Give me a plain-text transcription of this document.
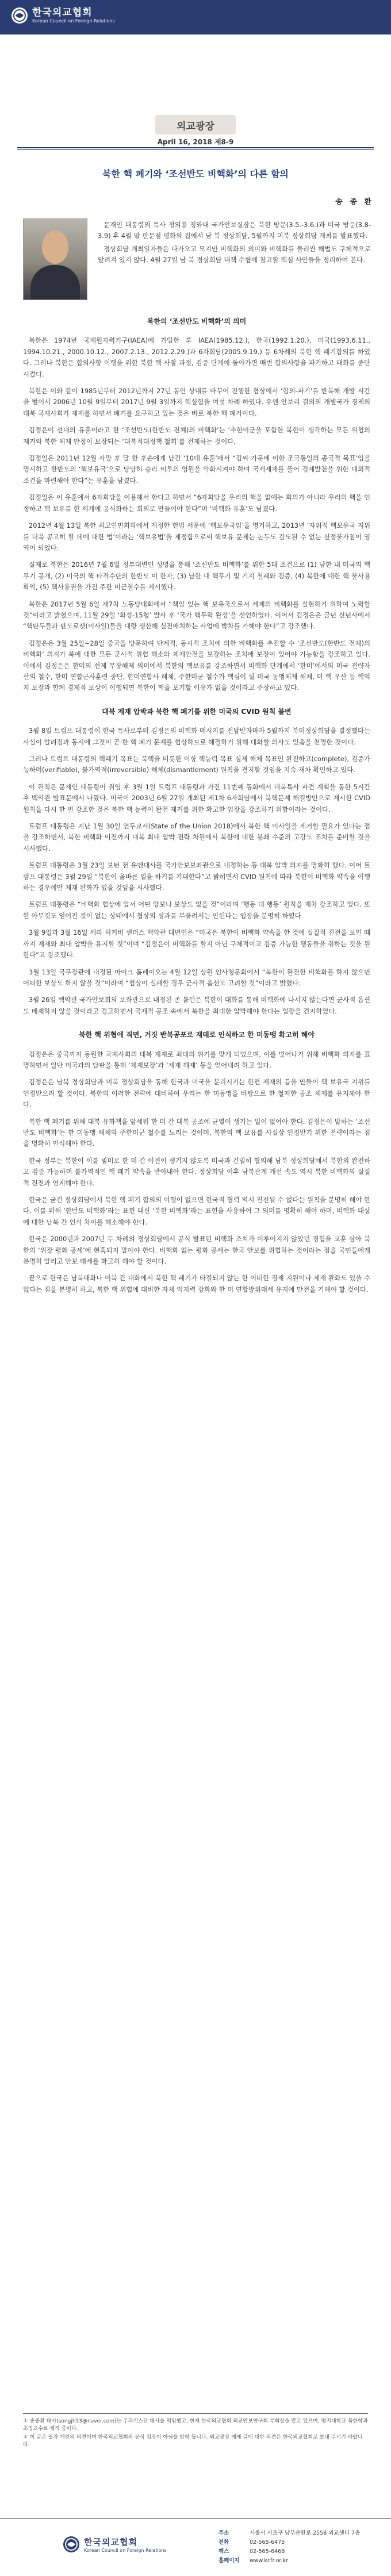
한국외교협회
Korean Council on Foreign Relations
외교광장
April 16, 2018 제8-9
북한 핵 폐기와 ‘조선반도 비핵화’의 다른 함의
송 종 환

문재인 대통령의 특사 정의용 청와대 국가안보실장은 북한 방문(3.5.-3.6.)과 미국 방문(3.8-3.9) 후 4월 말 판문점 평화의 집에서 남 북 정상회담, 5월까지 미북 정상회담 개최를 발표했다.

정상회담 개최일자들은 다가오고 모지만 비핵화의 의미와 비핵화를 둘러싼 해법도 구체적으로 알려져 있지 않다. 4월 27일 남 북 정상회담 대책 수립에 참고할 핵심 사안들을 정리하여 본다.

북한의 ‘조선반도 비핵화’의 의미

북한은 1974년 국제원자력기구(IAEA)에 가입한 후 IAEA(1985.12.), 한국(1992.1.20.), 미국(1993.6.11., 1994.10.21., 2000.10.12., 2007.2.13., 2012.2.29.)과 6자회담(2005.9.19.) 등 6차례의 북한 핵 폐기합의를 하였다. 그러나 북한은 합의사항 이행을 위한 북한 핵 사찰 과정, 검증 단계에 돌아가면 매번 합의사항을 파기하고 대화를 중단시켰다.

북한은 이와 같이 1985년부터 2012년까지 27년 동안 상대를 바꾸어 진행한 협상에서 ‘합의-파기’를 반복해 개발 시간을 벌어서 2006년 10월 9일부터 2017년 9월 3일까지 핵실험을 여섯 차례 하였다. 유엔 안보리 결의의 개별국가 경제의 대북 국제사회가 제재를 하면서 폐기를 요구하고 있는 것은 바로 북한 핵 폐기이다.

김정은이 선대의 유훈이라고 한 ‘조선반도(한반도 전체)의 비핵화’는 ‘추한미군을 포함한 북한이 생각하는 모든 위협의 제거와 북한 체제 안정이 보장되는 ‘대북적대정책 철회’를 전제하는 것이다.

김정일은 2011년 12월 사망 후 달 한 후손에게 남긴 ‘10대 유훈’에서 “김씨 가문에 이한 조국통일의 종국적 목표’임을 명시하고 한반도의 ‘핵보유국’으로 당당히 승리 이루의 영원을 약화시켜야 하며 국제제재를 풀어 경제발전을 위한 대외적 조건을 마련해야 한다”는 유훈을 남겼다.

김정일은 이 유훈에서 6자회담을 이용해서 한다고 하면서 “6자회담을 우리의 핵을 없애는 회의가 아니라 우리의 핵을 인정하고 핵 보유를 한 세계에 공식화하는 회의로 만들어야 한다”며 ‘비핵화 유훈’도 남겼다.

2012년 4월 13일 북한 최고인민회의에서 개정한 헌법 서문에 ‘핵보유국임’을 명기하고, 2013년 ‘자위적 핵보유국 지위를 더욱 공고히 할 데에 대한 법’이라는 ‘핵보유법’을 제정함으로써 핵보유 문제는 논두도 감도될 수 없는 신정불가침이 영역이 되었다.

실제로 북한은 2016년 7월 6일 정부대변인 성명을 통해 ‘조선반도 비핵화’를 위한 5대 조건으로 (1) 남한 내 미국의 핵무기 공개, (2) 미국의 핵 타격수단의 한반도 이 한자, (3) 남한 내 핵무기 및 기지 철폐와 검증, (4) 북한에 대한 핵 불사용 확약, (5) 핵사용권을 가진 주한 미군철수를 제시했다.

북한은 2017년 5월 6일 제7차 노동당대회에서 “책임 있는 핵 보유국으로서 세계의 비핵화를 실현하기 위하여 노력할 것”이라고 밝혔으며, 11월 29일 ‘화성-15형’ 발사 후 ‘국가 핵무력 완성’을 선언하였다. 이어서 김정은은 금년 신년사에서 “핵탄두들과 탄도로켓(미사일)들을 대량 생산해 실전배치하는 사업에 박차를 가해야 한다”고 강조했다.

김정은은 3월 25일~28일 중국을 방문하여 단계적, 동시적 조치에 의한 비핵화를 추진할 수 ‘조선반도(한반도 전체)의 비핵화’ 의지가 북에 대한 모든 군사적 위협 해소와 체제안전을 보장하는 조치에 보장이 있어야 가능함을 강조하고 있다. 이에서 김정은은 한미의 선제 무장해제 의미에서 북한의 핵보유를 강조하면서 비핵화 단계에서 ‘한미’에서의 미국 전략자산의 철수, 한미 연합군사훈련 중단, 한미연합사 해체, 주한미군 철수가 핵심이 될 미국 동맹체제 해체, 미 핵 우산 등 핵억지 보장과 함께 경제적 보상이 이행되면 북한이 핵을 포기할 이유가 없을 것이라고 주장하고 있다.

대북 제재 압박과 북한 핵 폐기를 위한 미국의 CVID 원칙 불변

3월 8일 트럼프 대통령이 한국 특사로부터 김정은의 비핵화 메시지를 전달받자마자 5월까지 북미정상회담을 결정했다는 사실이 알려짐과 동시에 그것이 곧 한 핵 폐기 문제를 협상하므로 해결하기 위해 대화할 의사도 있음을 천명한 것이다.

그러나 트럼프 대통령의 핵폐기 목표는 북핵을 비롯한 이상 핵능력 목표 실제 해체 목표인 완전하고(complete), 검증가능하며(verifiable), 불가역적(irreversible) 해체(dismantlement) 원칙을 견지할 것임을 지속 재차 확인하고 있다.

이 원칙은 문재인 대통령이 취임 후 3월 1일 트럼프 대통령과 가진 11번째 통화에서 대북특사 파견 계획을 통한 5시간 후 백악관 발표문에서 나왔다. 미국이 2003년 6월 27일 개최된 제1차 6자회담에서 북핵문제 해결방안으로 제시한 CVID 원칙을 다시 한 번 강조한 것은 북한 핵 능력이 완전 제거를 위한 확고한 입장을 강조하기 위함이라는 것이다.

트럼프 대통령은 지난 1월 30일 연두교서(State of the Union 2018)에서 북한 핵 미사일을 제거할 필요가 있다는 점을 강조하면서, 북한 비핵화 이전까지 대북 최대 압박 전략 차원에서 북한에 대한 봉쇄 수준의 고강도 조치를 준비할 것을 시사했다.

트럼프 대통령은 3월 23일 보턴 전 유엔대사를 국가안보보좌관으로 내정하는 등 대북 압박 의지를 명확히 했다. 이어 트럼프 대통령은 3월 29일 “북한이 올바른 일을 하기를 기대한다”고 밝히면서 CVID 원칙에 따라 북한이 비핵화 약속을 이행하는 경우에만 제재 완화가 있을 것임을 시사했다.

트럼프 대통령은 “비핵화 협상에 앞서 어떤 양보나 보상도 없을 것”이라며 ‘행동 대 행동’ 원칙을 재차 강조하고 있다. 또한 아무것도 얻어진 것이 없는 상태에서 협상의 성과를 부풀려서는 안된다는 입장을 분명히 하였다.

3월 9일과 3월 16일 세라 허커비 샌더스 백악관 대변인은 “미국은 북한이 비핵화 약속을 한 것에 실질적 진전을 보인 때까지 제재와 최대 압박을 유지할 것”이며 “김정은이 비핵화를 할지 아닌 구체적이고 검증 가능한 행동들을 취하는 것을 원한다”고 강조했다.

3월 13일 국무장관에 내정된 마이크 폼페이오는 4월 12일 상원 인사청문회에서 “북한이 완전한 비핵화를 하지 않으면 어떠한 보상도 하지 않을 것”이라며 “협상이 실패할 경우 군사적 옵션도 고려할 것”이라고 밝혔다.

3월 26일 백악관 국가안보회의 보좌관으로 내정된 존 볼턴은 북한이 대화를 통해 비핵화에 나서지 않는다면 군사적 옵션도 배제하지 않을 것이라고 경고하면서 국제적 공조 속에서 북한을 최대한 압박해야 한다는 입장을 견지하였다.

북한 핵 위협에 직면, 거짓 반복공포로 재테로 인식하고 한 미동맹 확고히 해야

김정은은 중국까지 동원한 국제사회의 대북 제재로 최대의 위기를 맞게 되었으며, 이를 벗어나기 위해 비핵화 의지를 표명하면서 일단 미국과의 담판을 통해 ‘체제보장’과 ‘제재 해제’ 등을 얻어내려 하고 있다.

김정은은 남북 정상회담과 미북 정상회담을 통해 한국과 미국을 분리시키는 한편 제재의 틈을 만들어 핵 보유국 지위를 인정받으려 할 것이다. 북한의 이러한 전략에 대비하여 우리는 한 미동맹을 바탕으로 한 철저한 공조 체제를 유지해야 한다.

북한 핵 폐기를 위해 대북 유화책을 앞세워 한 미 간 대북 공조에 균열이 생기는 일이 없어야 한다. 김정은이 말하는 ‘조선반도 비핵화’는 한 미동맹 해체와 주한미군 철수를 노리는 것이며, 북한의 핵 보유를 사실상 인정받기 위한 전략이라는 점을 명확히 인식해야 한다.

한국 정부는 북한이 이를 빌미로 한 미 간 이견이 생기지 않도록 미국과 긴밀히 협의해 남북 정상회담에서 북한의 완전하고 검증 가능하며 불가역적인 핵 폐기 약속을 받아내야 한다. 정상회담 이후 남북관계 개선 속도 역시 북한 비핵화의 실질적 진전과 연계해야 한다.

한국은 굳건 정상회담에서 북한 핵 폐기 합의의 이행이 없으면 한국적 협력 역시 진전될 수 없다는 원칙을 분명히 해야 한다. 이를 위해 ‘한반도 비핵화’라는 표현 대신 ‘북한 비핵화’라는 표현을 사용하여 그 의미를 명확히 해야 하며, 비핵화 대상에 대한 남북 간 인식 차이를 해소해야 한다.

한국은 2000년과 2007년 두 차례의 정상회담에서 공식 발표된 비핵화 조치가 이루어지지 않았던 경험을 교훈 삼아 북한의 ‘위장 평화 공세’에 현혹되지 말아야 한다. 비핵화 없는 평화 공세는 한국 안보를 위협하는 것이라는 점을 국민들에게 분명히 알리고 안보 태세를 확고히 해야 할 것이다.

끝으로 한국은 남북대화나 미북 간 대화에서 북한 핵 폐기가 타결되지 않는 한 어떠한 경제 지원이나 제재 완화도 있을 수 없다는 점을 분명히 하고, 북한 핵 위협에 대비한 자체 억지력 강화와 한 미 연합방위태세 유지에 만전을 기해야 할 것이다.

＊ 송종환 대사(songjh53@naver.com)는 주파키스탄 대사를 역임했고, 현재 한국외교협회 외교안보연구회 부회장을 맡고 있으며, 명지대학교 북한학과 초빙교수로 재직 중이다.

＊ 이 글은 필자 개인의 의견이며 한국외교협회의 공식 입장이 아님을 밝혀 둡니다. 외교광장 게재 글에 대한 의견은 한국외교협회로 보내 주시기 바랍니다.

한국외교협회
Korean Council on Foreign Relations
주소	서울시 서초구 남부순환로 2558 외교센터 7층
전화	02-565-6475
팩스	02-565-6468
홈페이지	www.kcfr.or.kr
